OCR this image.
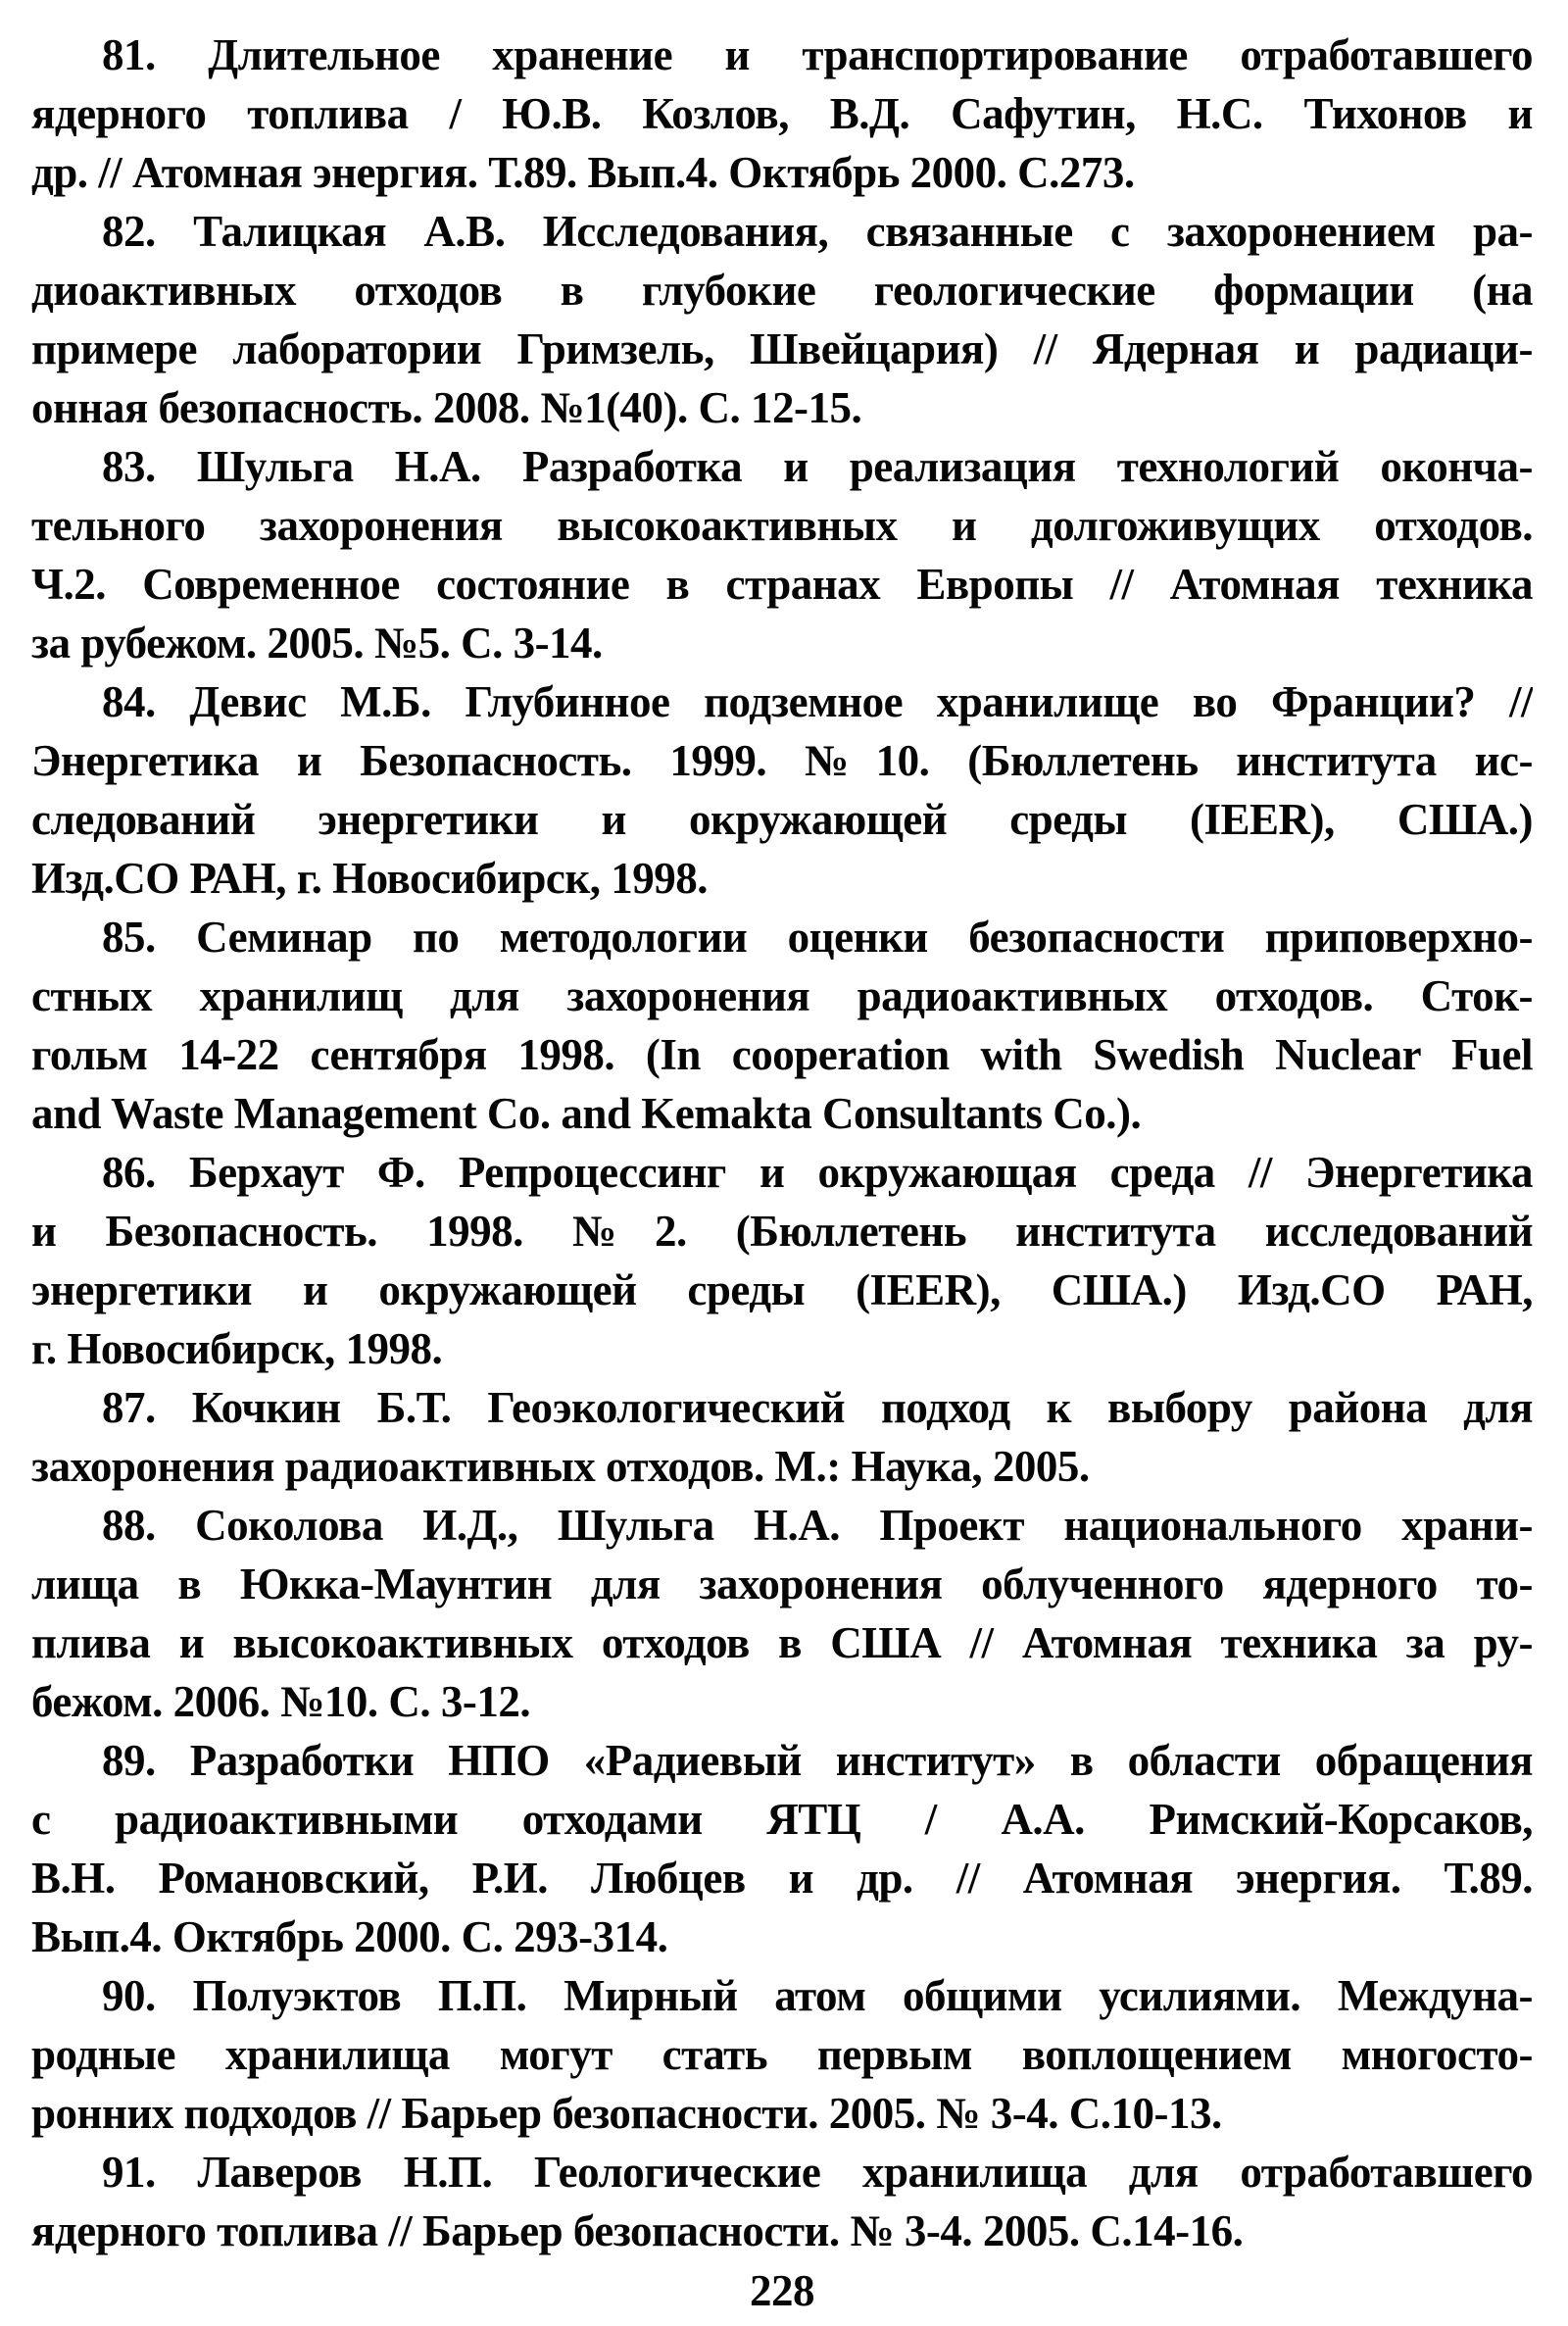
81. Длительное хранение и транспортирование отработавшего
ядерного топлива / Ю.В. Козлов, В.Д. Сафутин, Н.С. Тихонов и
др. // Атомная энергия. Т.89. Вып.4. Октябрь 2000. С.273.
82. Талицкая А.В. Исследования, связанные с захоронением ра-
диоактивных отходов в глубокие геологические формации (на
примере лаборатории Гримзель, Швейцария) // Ядерная и радиаци-
онная безопасность. 2008. №1(40). С. 12-15.
83. Шульга Н.А. Разработка и реализация технологий оконча-
тельного захоронения высокоактивных и долгоживущих отходов.
Ч.2. Современное состояние в странах Европы // Атомная техника
за рубежом. 2005. №5. С. 3-14.
84. Девис М.Б. Глубинное подземное хранилище во Франции? //
Энергетика и Безопасность. 1999. №10. (Бюллетень института ис-
следований энергетики и окружающей среды (IEER), США.)
Изд.СО РАН, г. Новосибирск, 1998.
85. Семинар по методологии оценки безопасности приповерхно-
стных хранилищ для захоронения радиоактивных отходов. Сток-
гольм 14-22 сентября 1998. (In cooperation with Swedish Nuclear Fuel
and Waste Management Co. and Kemakta Consultants Co.).
86. Берхаут Ф. Репроцессинг и окружающая среда // Энергетика
и Безопасность. 1998. №2. (Бюллетень института исследований
энергетики и окружающей среды (IEER), США.) Изд.СО РАН,
г. Новосибирск, 1998.
87. Кочкин Б.Т. Геоэкологический подход к выбору района для
захоронения радиоактивных отходов. М.: Наука, 2005.
88. Соколова И.Д., Шульга Н.А. Проект национального храни-
лища в Юкка-Маунтин для захоронения облученного ядерного то-
плива и высокоактивных отходов в США // Атомная техника за ру-
бежом. 2006. №10. С. 3-12.
89. Разработки НПО «Радиевый институт» в области обращения
с радиоактивными отходами ЯТЦ / А.А. Римский-Корсаков,
В.Н. Романовский, Р.И. Любцев и др. // Атомная энергия. Т.89.
Вып.4. Октябрь 2000. С. 293-314.
90. Полуэктов П.П. Мирный атом общими усилиями. Междуна-
родные хранилища могут стать первым воплощением многосто-
ронних подходов // Барьер безопасности. 2005. № 3-4. С.10-13.
91. Лаверов Н.П. Геологические хранилища для отработавшего
ядерного топлива // Барьер безопасности. № 3-4. 2005. С.14-16.
228
